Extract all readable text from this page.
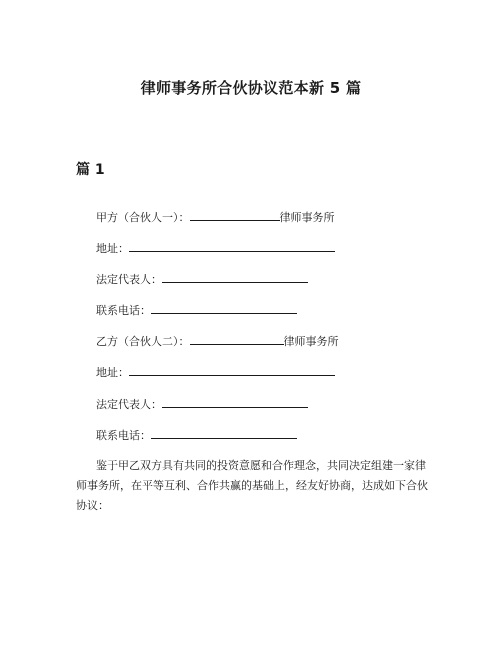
律师事务所合伙协议范本新 5 篇
篇 1

甲方（合伙人一）：	律师事务所

地址：

法定代表人：

联系电话：

乙方（合伙人二）：	律师事务所

地址：

法定代表人：

联系电话：

鉴于甲乙双方具有共同的投资意愿和合作理念，共同决定组建一家律师事务所，在平等互利、合作共赢的基础上，经友好协商，达成如下合伙协议：
